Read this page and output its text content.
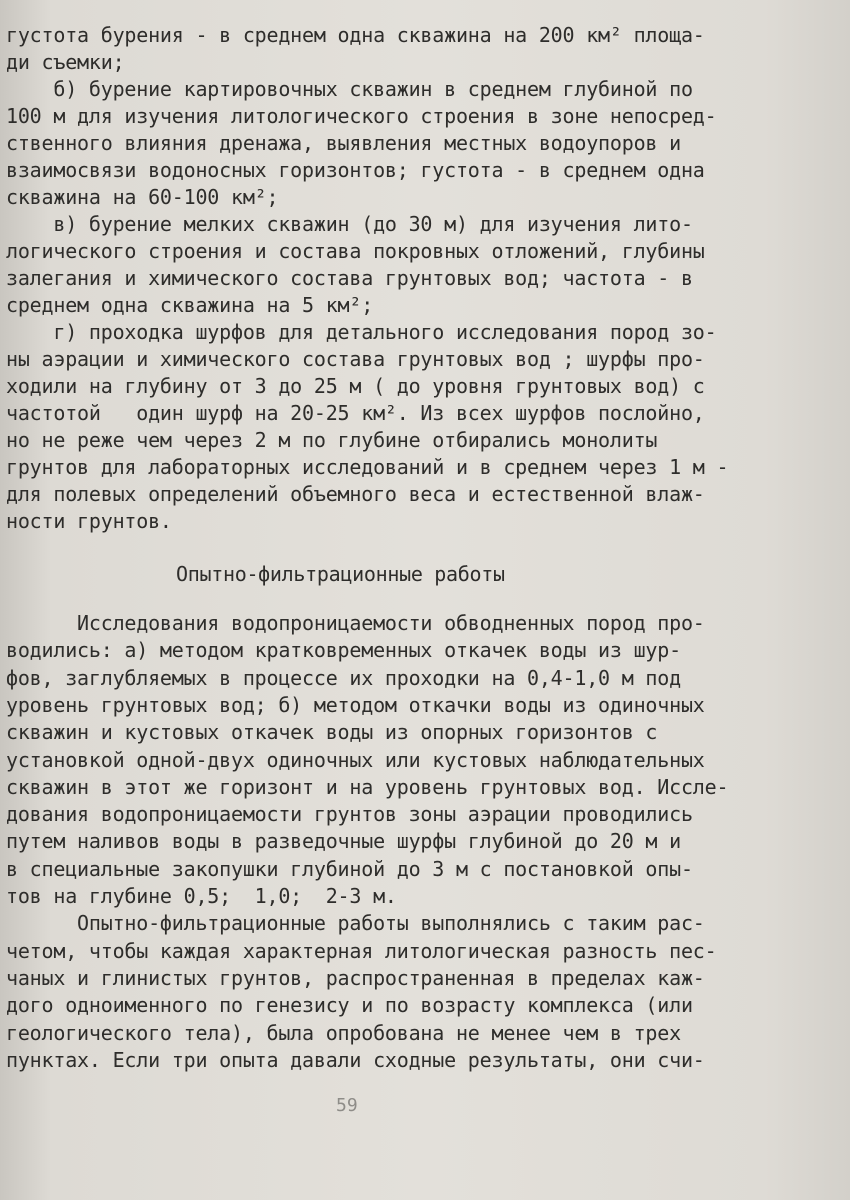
густота бурения - в среднем одна скважина на 200 км² площа-
ди съемки;
б) бурение картировочных скважин в среднем глубиной по
100 м для изучения литологического строения в зоне непосред-
ственного влияния дренажа, выявления местных водоупоров и
взаимосвязи водоносных горизонтов; густота - в среднем одна
скважина на 60-100 км²;
в) бурение мелких скважин (до 30 м) для изучения лито-
логического строения и состава покровных отложений, глубины
залегания и химического состава грунтовых вод; частота - в
среднем одна скважина на 5 км²;
г) проходка шурфов для детального исследования пород зо-
ны аэрации и химического состава грунтовых вод ; шурфы про-
ходили на глубину от 3 до 25 м ( до уровня грунтовых вод) с
частотой   один шурф на 20-25 км². Из всех шурфов послойно,
но не реже чем через 2 м по глубине отбирались монолиты
грунтов для лабораторных исследований и в среднем через 1 м -
для полевых определений объемного веса и естественной влаж-
ности грунтов.
Опытно-фильтрационные работы
Исследования водопроницаемости обводненных пород про-
водились: а) методом кратковременных откачек воды из шур-
фов, заглубляемых в процессе их проходки на 0,4-1,0 м под
уровень грунтовых вод; б) методом откачки воды из одиночных
скважин и кустовых откачек воды из опорных горизонтов с
установкой одной-двух одиночных или кустовых наблюдательных
скважин в этот же горизонт и на уровень грунтовых вод. Иссле-
дования водопроницаемости грунтов зоны аэрации проводились
путем наливов воды в разведочные шурфы глубиной до 20 м и
в специальные закопушки глубиной до 3 м с постановкой опы-
тов на глубине 0,5;  1,0;  2-3 м.
Опытно-фильтрационные работы выполнялись с таким рас-
четом, чтобы каждая характерная литологическая разность пес-
чаных и глинистых грунтов, распространенная в пределах каж-
дого одноименного по генезису и по возрасту комплекса (или
геологического тела), была опробована не менее чем в трех
пунктах. Если три опыта давали сходные результаты, они счи-
59
